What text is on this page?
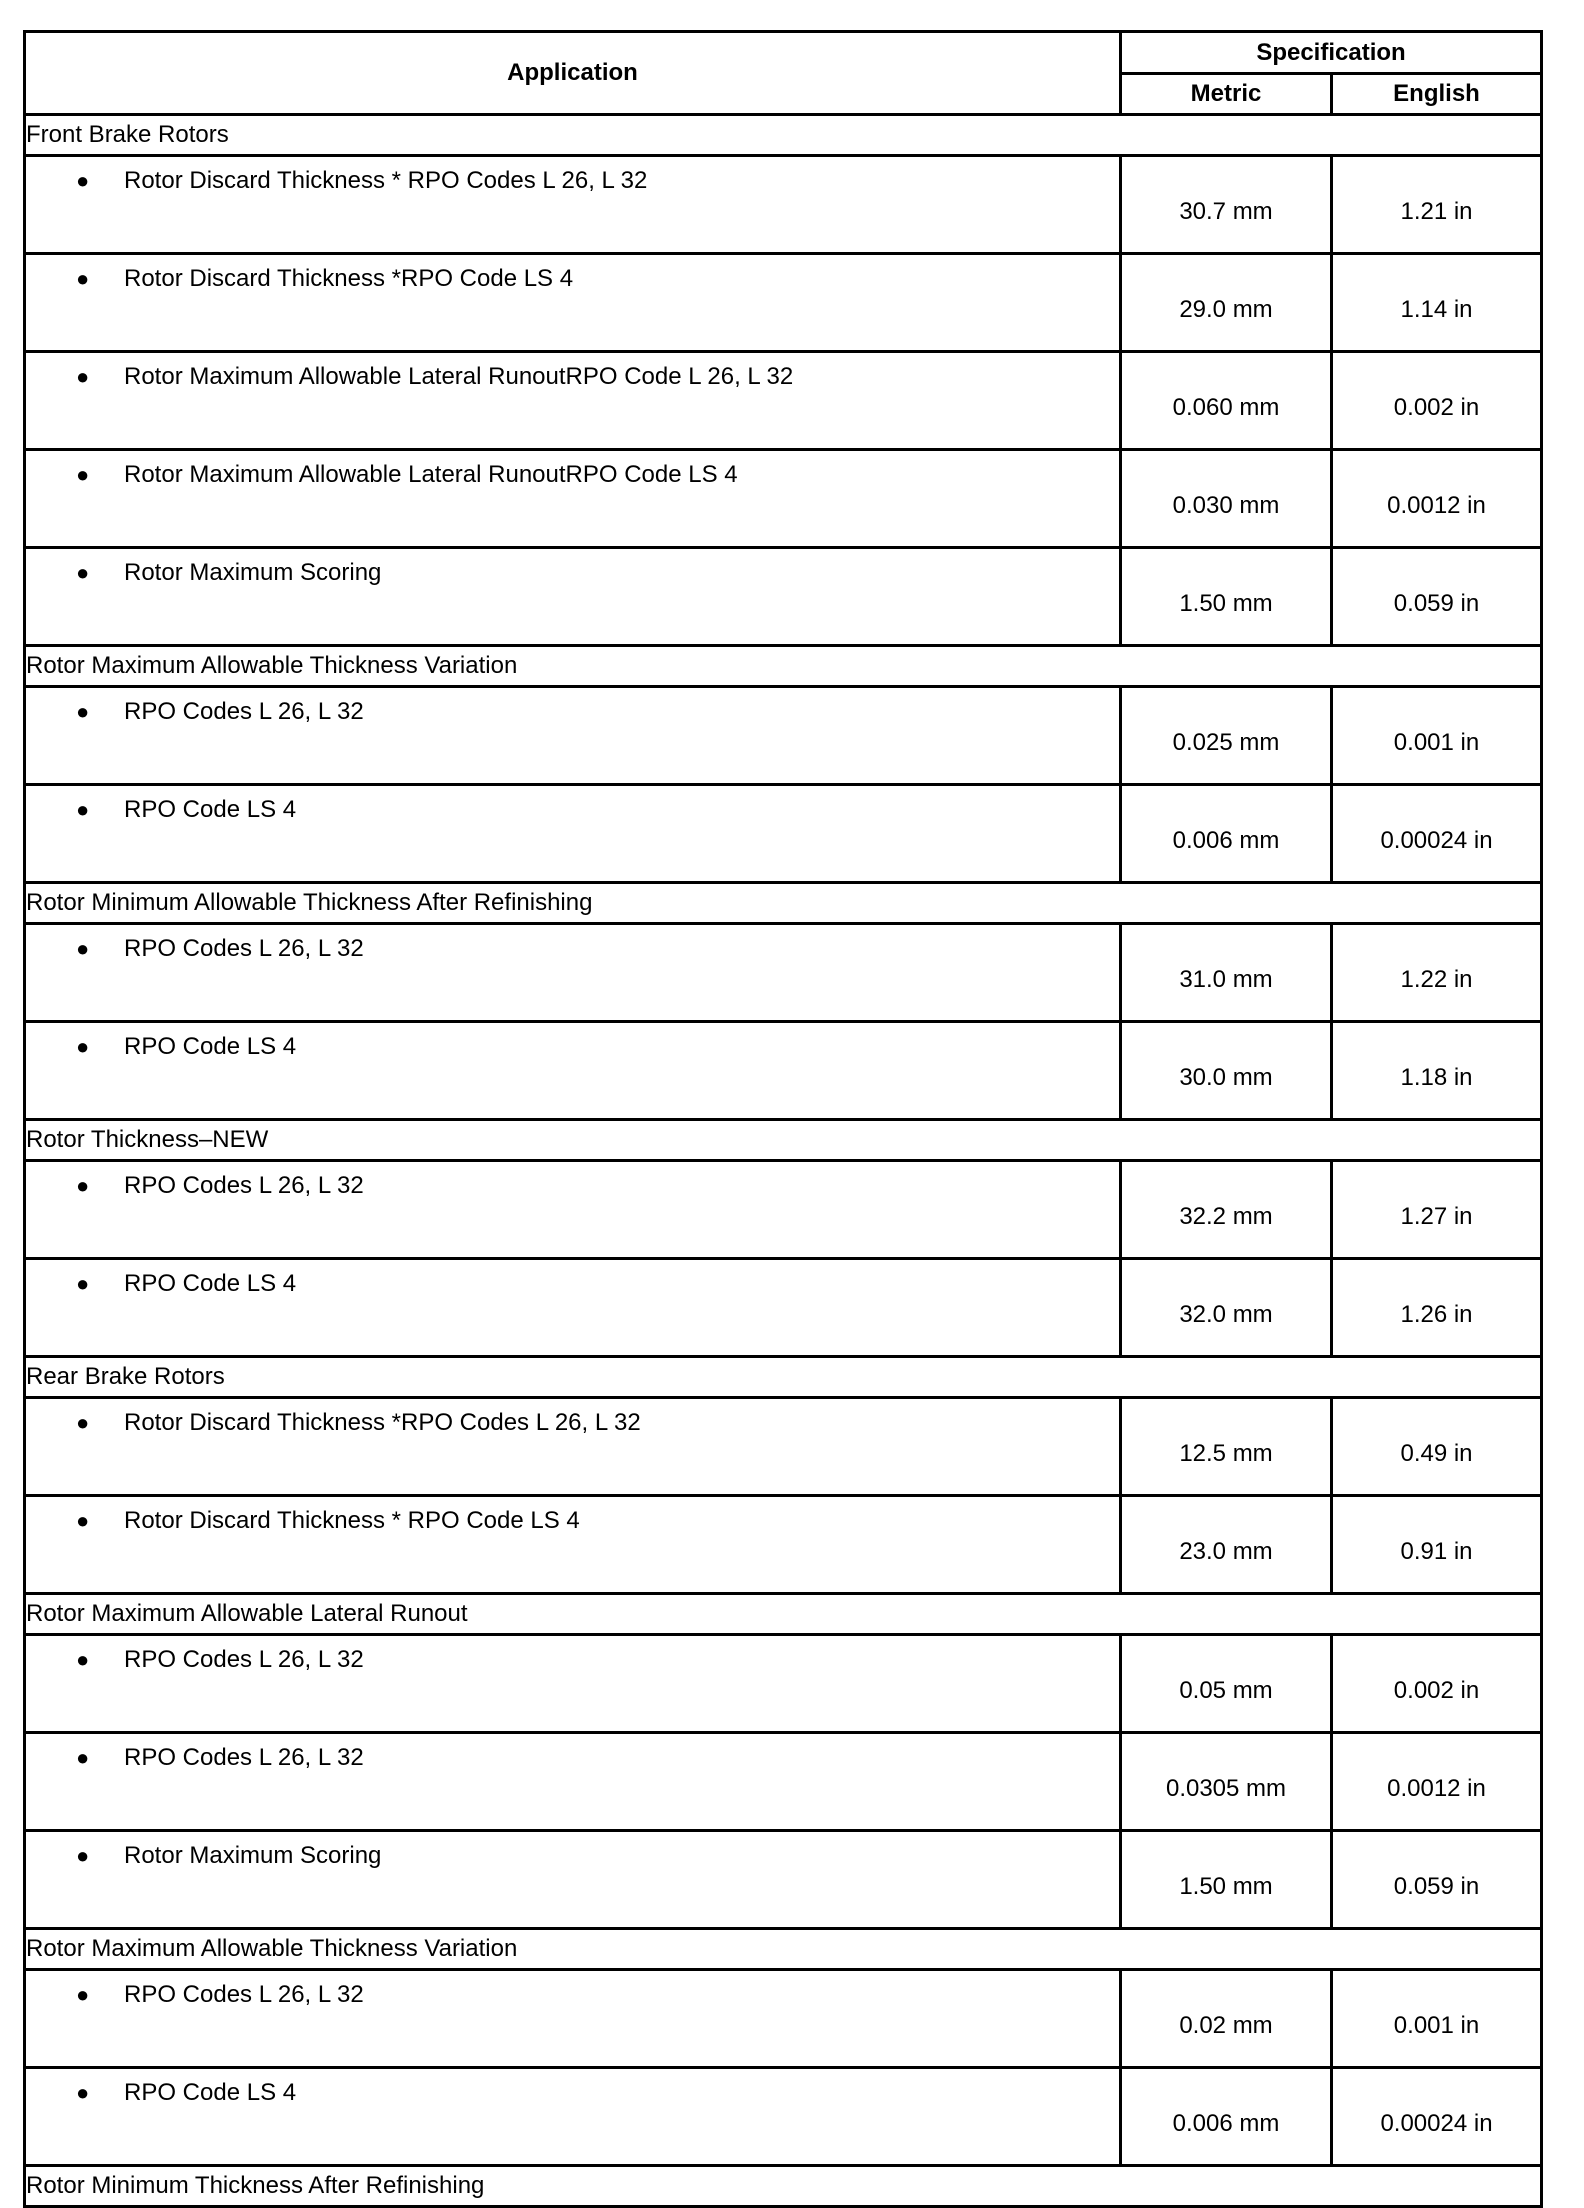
Application	Specification	
	Metric	English
Front Brake Rotors		
● Rotor Discard Thickness * RPO Codes L 26, L 32	30.7 mm	1.21 in
● Rotor Discard Thickness *RPO Code LS 4	29.0 mm	1.14 in
● Rotor Maximum Allowable Lateral RunoutRPO Code L 26, L 32	0.060 mm	0.002 in
● Rotor Maximum Allowable Lateral RunoutRPO Code LS 4	0.030 mm	0.0012 in
● Rotor Maximum Scoring	1.50 mm	0.059 in
Rotor Maximum Allowable Thickness Variation		
● RPO Codes L 26, L 32	0.025 mm	0.001 in
● RPO Code LS 4	0.006 mm	0.00024 in
Rotor Minimum Allowable Thickness After Refinishing		
● RPO Codes L 26, L 32	31.0 mm	1.22 in
● RPO Code LS 4	30.0 mm	1.18 in
Rotor Thickness–NEW		
● RPO Codes L 26, L 32	32.2 mm	1.27 in
● RPO Code LS 4	32.0 mm	1.26 in
Rear Brake Rotors		
● Rotor Discard Thickness *RPO Codes L 26, L 32	12.5 mm	0.49 in
● Rotor Discard Thickness * RPO Code LS 4	23.0 mm	0.91 in
Rotor Maximum Allowable Lateral Runout		
● RPO Codes L 26, L 32	0.05 mm	0.002 in
● RPO Codes L 26, L 32	0.0305 mm	0.0012 in
● Rotor Maximum Scoring	1.50 mm	0.059 in
Rotor Maximum Allowable Thickness Variation		
● RPO Codes L 26, L 32	0.02 mm	0.001 in
● RPO Code LS 4	0.006 mm	0.00024 in
Rotor Minimum Thickness After Refinishing		
